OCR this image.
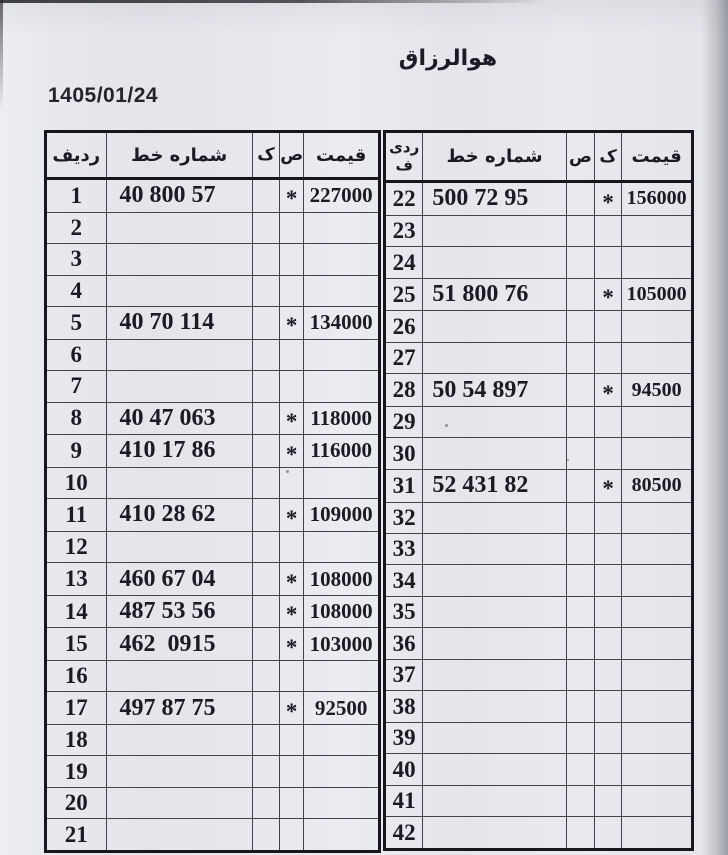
هوالرزاق
1405/01/24
ردیف	شماره خط	ک	ص	قیمت
1	40 800 57		*	227000
2				
3				
4				
5	40 70 114		*	134000
6				
7				
8	40 47 063		*	118000
9	410 17 86		*	116000
10				
11	410 28 62		*	109000
12				
13	460 67 04		*	108000
14	487 53 56		*	108000
15	462  0915		*	103000
16				
17	497 87 75		*	92500
18				
19				
20				
21				
ردی ف	شماره خط	ص	ک	قیمت
22	500 72 95		*	156000
23				
24				
25	51 800 76		*	105000
26				
27				
28	50 54 897		*	94500
29				
30				
31	52 431 82		*	80500
32				
33				
34				
35				
36				
37				
38				
39				
40				
41				
42				
